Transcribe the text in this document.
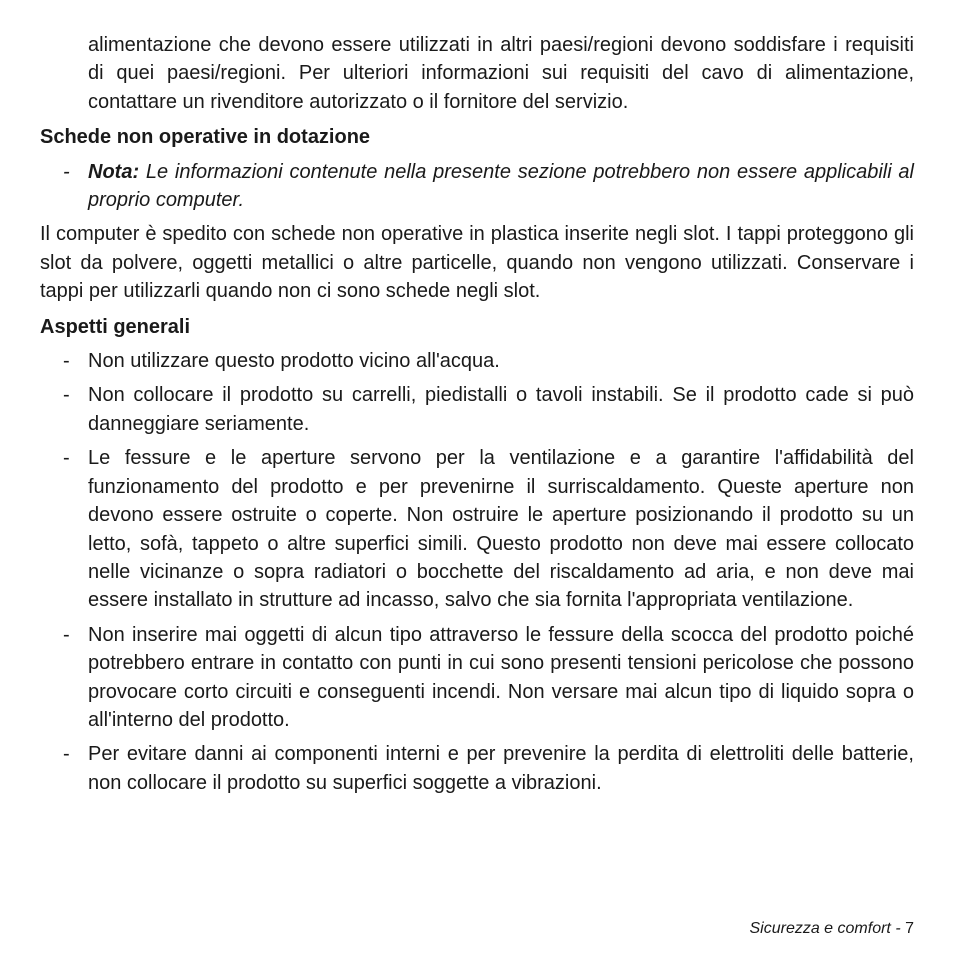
alimentazione che devono essere utilizzati in altri paesi/regioni devono soddisfare i requisiti di quei paesi/regioni. Per ulteriori informazioni sui requisiti del cavo di alimentazione, contattare un rivenditore autorizzato o il fornitore del servizio.

Schede non operative in dotazione

- Nota: Le informazioni contenute nella presente sezione potrebbero non essere applicabili al proprio computer.

Il computer è spedito con schede non operative in plastica inserite negli slot. I tappi proteggono gli slot da polvere, oggetti metallici o altre particelle, quando non vengono utilizzati. Conservare i tappi per utilizzarli quando non ci sono schede negli slot.

Aspetti generali

- Non utilizzare questo prodotto vicino all'acqua.
- Non collocare il prodotto su carrelli, piedistalli o tavoli instabili. Se il prodotto cade si può danneggiare seriamente.
- Le fessure e le aperture servono per la ventilazione e a garantire l'affidabilità del funzionamento del prodotto e per prevenirne il surriscaldamento. Queste aperture non devono essere ostruite o coperte. Non ostruire le aperture posizionando il prodotto su un letto, sofà, tappeto o altre superfici simili. Questo prodotto non deve mai essere collocato nelle vicinanze o sopra radiatori o bocchette del riscaldamento ad aria, e non deve mai essere installato in strutture ad incasso, salvo che sia fornita l'appropriata ventilazione.
- Non inserire mai oggetti di alcun tipo attraverso le fessure della scocca del prodotto poiché potrebbero entrare in contatto con punti in cui sono presenti tensioni pericolose che possono provocare corto circuiti e conseguenti incendi. Non versare mai alcun tipo di liquido sopra o all'interno del prodotto.
- Per evitare danni ai componenti interni e per prevenire la perdita di elettroliti delle batterie, non collocare il prodotto su superfici soggette a vibrazioni.
Sicurezza e comfort - 7
